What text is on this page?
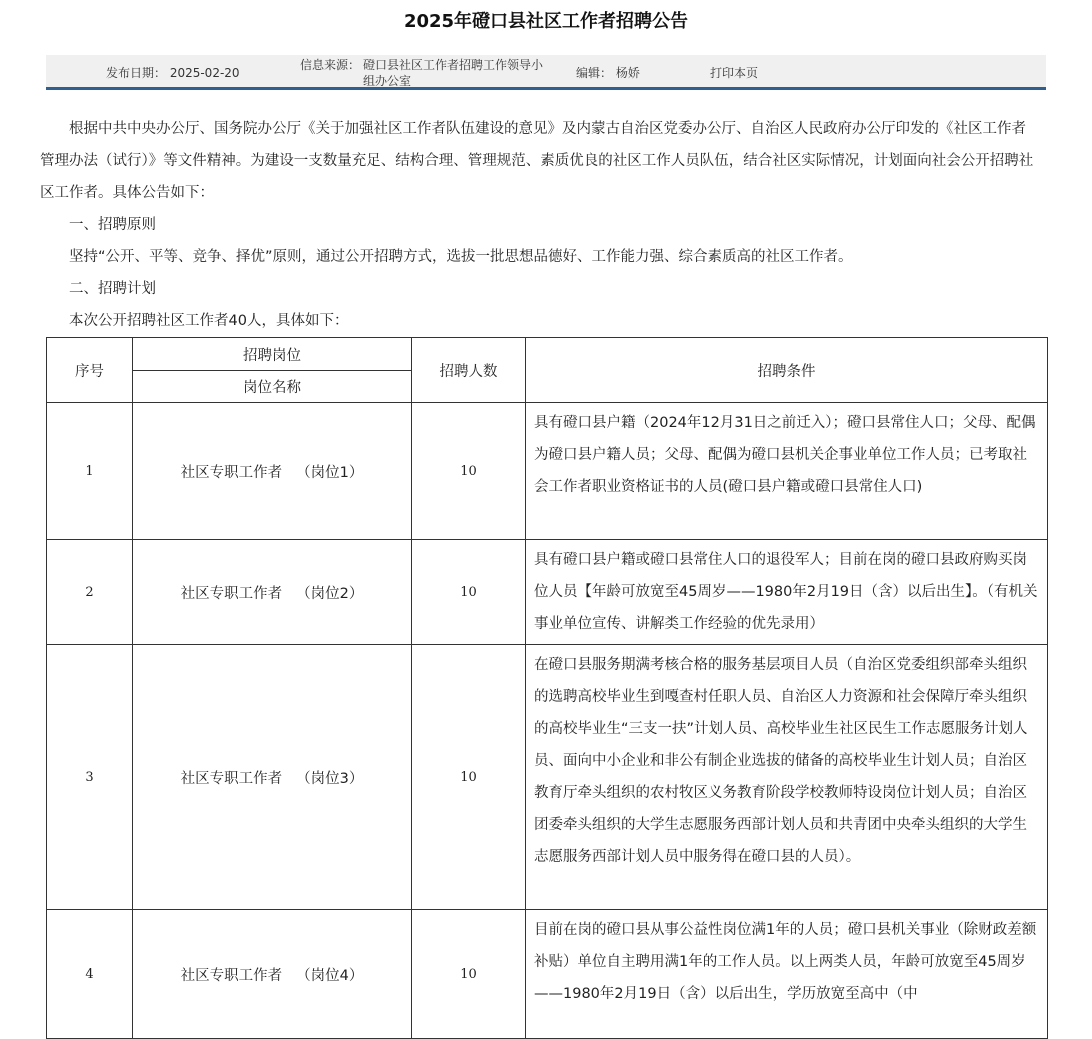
2025年磴口县社区工作者招聘公告
发布日期： 2025-02-20
信息来源： 磴口县社区工作者招聘工作领导小组办公室
编辑： 杨娇	打印本页

根据中共中央办公厅、国务院办公厅《关于加强社区工作者队伍建设的意见》及内蒙古自治区党委办公厅、自治区人民政府办公厅印发的《社区工作者管理办法（试行）》等文件精神。为建设一支数量充足、结构合理、管理规范、素质优良的社区工作人员队伍，结合社区实际情况，计划面向社会公开招聘社区工作者。具体公告如下：

一、招聘原则

坚持“公开、平等、竞争、择优”原则，通过公开招聘方式，选拔一批思想品德好、工作能力强、综合素质高的社区工作者。

二、招聘计划

本次公开招聘社区工作者40人，具体如下：

序号	招聘岗位	招聘人数	招聘条件
	岗位名称		
1	社区专职工作者 （岗位1）	10	具有磴口县户籍（2024年12月31日之前迁入）；磴口县常住人口；父母、配偶为磴口县户籍人员；父母、配偶为磴口县机关企事业单位工作人员；已考取社会工作者职业资格证书的人员(磴口县户籍或磴口县常住人口)
2	社区专职工作者 （岗位2）	10	具有磴口县户籍或磴口县常住人口的退役军人；目前在岗的磴口县政府购买岗位人员【年龄可放宽至45周岁——1980年2月19日（含）以后出生】。（有机关事业单位宣传、讲解类工作经验的优先录用）
3	社区专职工作者 （岗位3）	10	在磴口县服务期满考核合格的服务基层项目人员（自治区党委组织部牵头组织的选聘高校毕业生到嘎查村任职人员、自治区人力资源和社会保障厅牵头组织的高校毕业生“三支一扶”计划人员、高校毕业生社区民生工作志愿服务计划人员、面向中小企业和非公有制企业选拔的储备的高校毕业生计划人员；自治区教育厅牵头组织的农村牧区义务教育阶段学校教师特设岗位计划人员；自治区团委牵头组织的大学生志愿服务西部计划人员和共青团中央牵头组织的大学生志愿服务西部计划人员中服务得在磴口县的人员）。
4	社区专职工作者 （岗位4）	10	目前在岗的磴口县从事公益性岗位满1年的人员；磴口县机关事业（除财政差额补贴）单位自主聘用满1年的工作人员。以上两类人员，年龄可放宽至45周岁——1980年2月19日（含）以后出生，学历放宽至高中（中
